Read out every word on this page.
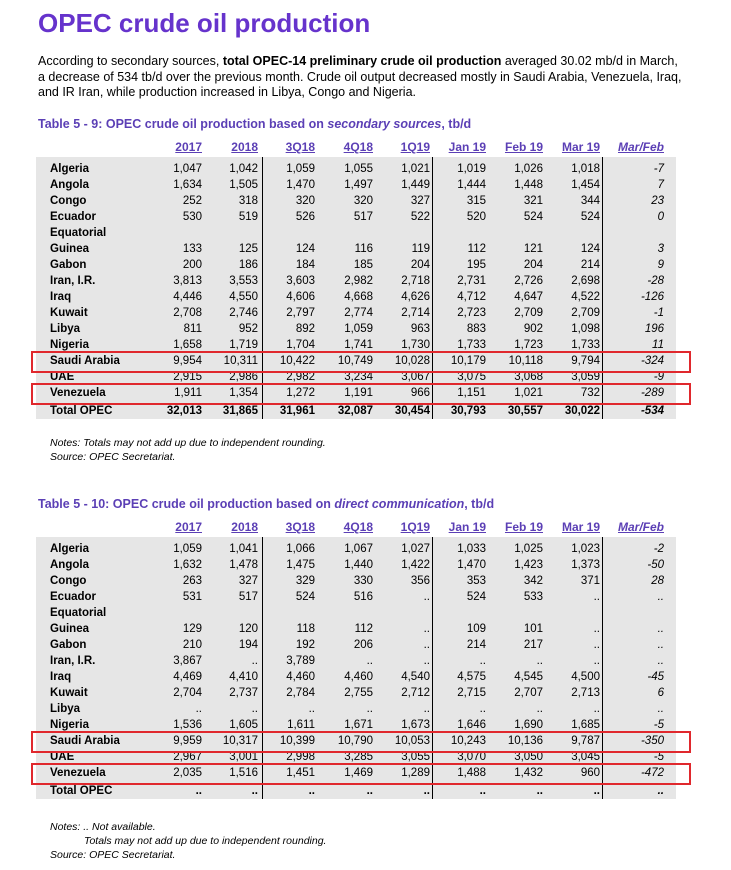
OPEC crude oil production
According to secondary sources, total OPEC-14 preliminary crude oil production averaged 30.02 mb/d in March, a decrease of 534 tb/d over the previous month. Crude oil output decreased mostly in Saudi Arabia, Venezuela, Iraq, and IR Iran, while production increased in Libya, Congo and Nigeria.
Table 5 - 9: OPEC crude oil production based on secondary sources, tb/d
2017	2018	3Q18	4Q18	1Q19	Jan 19	Feb 19	Mar 19	Mar/Feb
Algeria	1,047	1,042	1,059	1,055	1,021	1,019	1,026	1,018	-7
Angola	1,634	1,505	1,470	1,497	1,449	1,444	1,448	1,454	7
Congo	252	318	320	320	327	315	321	344	23
Ecuador	530	519	526	517	522	520	524	524	0
Equatorial
Guinea	133	125	124	116	119	112	121	124	3
Gabon	200	186	184	185	204	195	204	214	9
Iran, I.R.	3,813	3,553	3,603	2,982	2,718	2,731	2,726	2,698	-28
Iraq	4,446	4,550	4,606	4,668	4,626	4,712	4,647	4,522	-126
Kuwait	2,708	2,746	2,797	2,774	2,714	2,723	2,709	2,709	-1
Libya	811	952	892	1,059	963	883	902	1,098	196
Nigeria	1,658	1,719	1,704	1,741	1,730	1,733	1,723	1,733	11
Saudi Arabia	9,954	10,311	10,422	10,749	10,028	10,179	10,118	9,794	-324
UAE	2,915	2,986	2,982	3,234	3,067	3,075	3,068	3,059	-9
Venezuela	1,911	1,354	1,272	1,191	966	1,151	1,021	732	-289
Total OPEC	32,013	31,865	31,961	32,087	30,454	30,793	30,557	30,022	-534
Notes: Totals may not add up due to independent rounding.
Source: OPEC Secretariat.
Table 5 - 10: OPEC crude oil production based on direct communication, tb/d
2017	2018	3Q18	4Q18	1Q19	Jan 19	Feb 19	Mar 19	Mar/Feb
Algeria	1,059	1,041	1,066	1,067	1,027	1,033	1,025	1,023	-2
Angola	1,632	1,478	1,475	1,440	1,422	1,470	1,423	1,373	-50
Congo	263	327	329	330	356	353	342	371	28
Ecuador	531	517	524	516	..	524	533	..	..
Equatorial
Guinea	129	120	118	112	..	109	101	..	..
Gabon	210	194	192	206	..	214	217	..	..
Iran, I.R.	3,867	..	3,789	..	..	..	..	..	..
Iraq	4,469	4,410	4,460	4,460	4,540	4,575	4,545	4,500	-45
Kuwait	2,704	2,737	2,784	2,755	2,712	2,715	2,707	2,713	6
Libya	..	..	..	..	..	..	..	..	..
Nigeria	1,536	1,605	1,611	1,671	1,673	1,646	1,690	1,685	-5
Saudi Arabia	9,959	10,317	10,399	10,790	10,053	10,243	10,136	9,787	-350
UAE	2,967	3,001	2,998	3,285	3,055	3,070	3,050	3,045	-5
Venezuela	2,035	1,516	1,451	1,469	1,289	1,488	1,432	960	-472
Total OPEC	..	..	..	..	..	..	..	..	..
Notes: .. Not available.
Totals may not add up due to independent rounding.
Source: OPEC Secretariat.
